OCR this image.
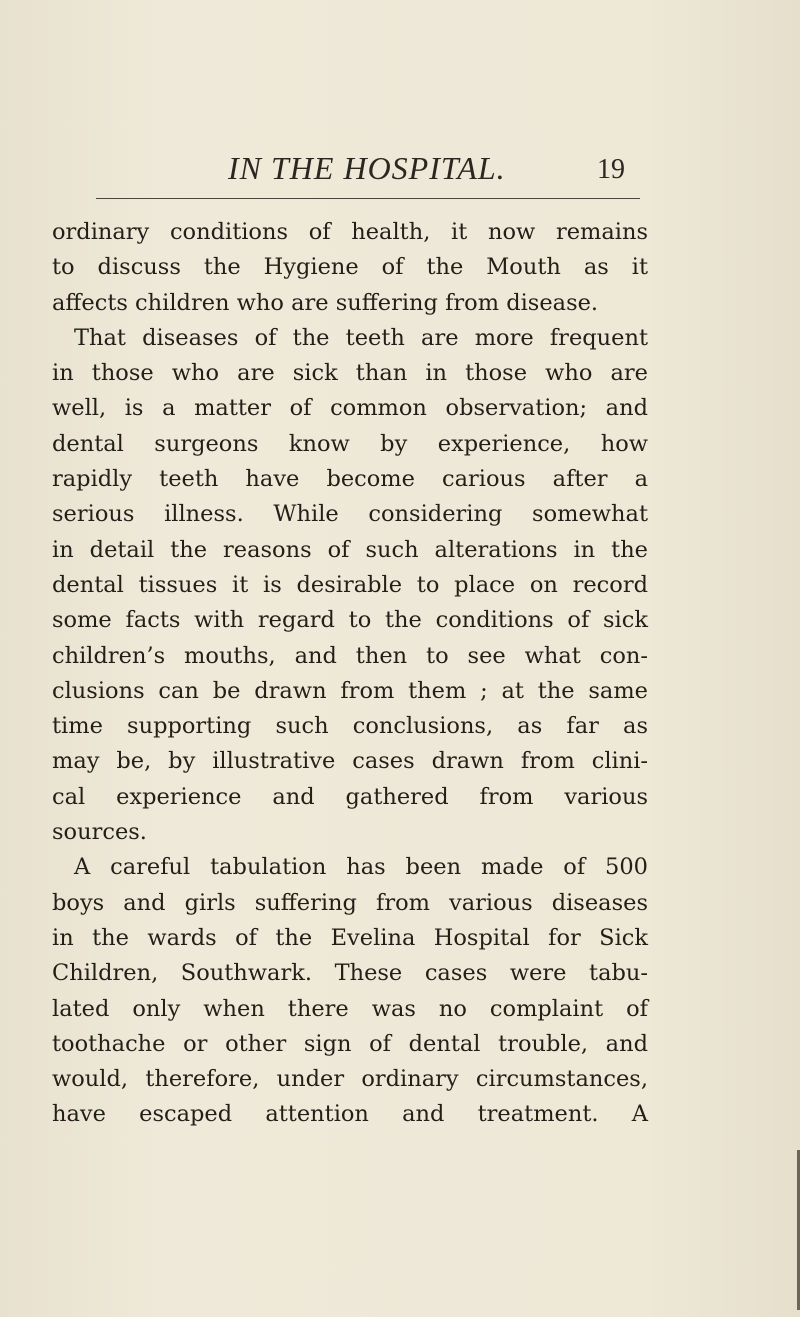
IN THE HOSPITAL.	19
ordinary conditions of health, it now remains
to discuss the Hygiene of the Mouth as it
affects children who are suffering from disease.
That diseases of the teeth are more frequent
in those who are sick than in those who are
well, is a matter of common observation; and
dental surgeons know by experience, how
rapidly teeth have become carious after a
serious illness. While considering somewhat
in detail the reasons of such alterations in the
dental tissues it is desirable to place on record
some facts with regard to the conditions of sick
children’s mouths, and then to see what con-
clusions can be drawn from them ; at the same
time supporting such conclusions, as far as
may be, by illustrative cases drawn from clini-
cal experience and gathered from various
sources.
A careful tabulation has been made of 500
boys and girls suffering from various diseases
in the wards of the Evelina Hospital for Sick
Children, Southwark. These cases were tabu-
lated only when there was no complaint of
toothache or other sign of dental trouble, and
would, therefore, under ordinary circumstances,
have escaped attention and treatment. A
